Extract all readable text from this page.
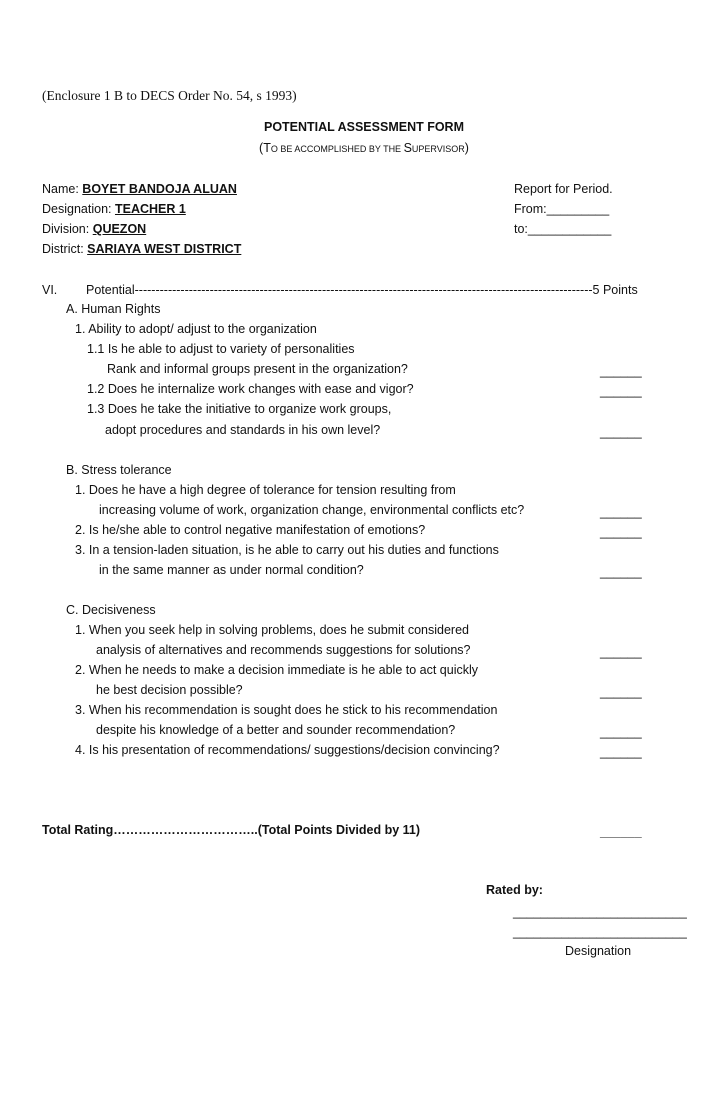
(Enclosure 1 B to DECS Order No. 54, s 1993)
POTENTIAL ASSESSMENT FORM
(TO BE ACCOMPLISHED BY THE SUPERVISOR)
Name: BOYET BANDOJA ALUAN
Designation: TEACHER 1
Division: QUEZON
District: SARIAYA WEST DISTRICT
Report for Period.
From:_________
to:____________
VI. Potential--------------------------------------------------------------------------------------------------------------5 Points
A. Human Rights
1. Ability to adopt/ adjust to the organization
1.1 Is he able to adjust to variety of personalities
Rank and informal groups present in the organization?	______
1.2 Does he internalize work changes with ease and vigor?	______
1.3 Does he take the initiative to organize work groups,
adopt procedures and standards in his own level?	______
B. Stress tolerance
1. Does he have a high degree of tolerance for tension resulting from
increasing volume of work, organization change, environmental conflicts etc?	______
2. Is he/she able to control negative manifestation of emotions?	______
3. In a tension-laden situation, is he able to carry out his duties and functions
in the same manner as under normal condition?	______
C. Decisiveness
1. When you seek help in solving problems, does he submit considered
analysis of alternatives and recommends suggestions for solutions?	______
2. When he needs to make a decision immediate is he able to act quickly
he best decision possible?	______
3. When his recommendation is sought does he stick to his recommendation
despite his knowledge of a better and sounder recommendation?	______
4. Is his presentation of recommendations/ suggestions/decision convincing?	______
Total Rating……………………………..(Total Points Divided by 11)	______
Rated by:
_________________________
_________________________
Designation
